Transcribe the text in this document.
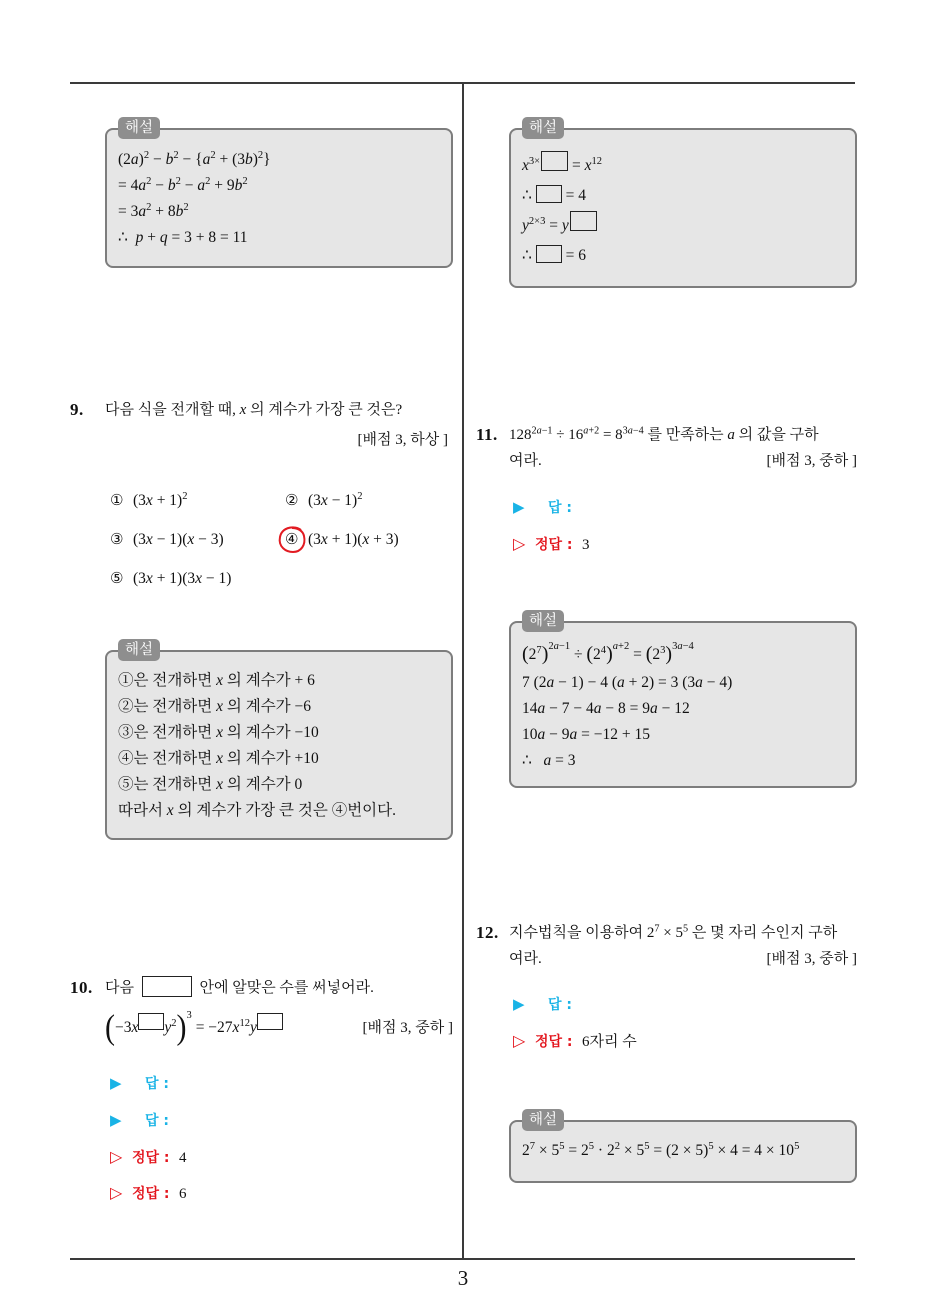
해설
$(2a)^2 - b^2 - \{a^2 + (3b)^2\}$
= $4a^2 - b^2 - a^2 + 9b^2$
= $3a^2 + 8b^2$
∴  p + q = 3 + 8 = 11
9. 다음 식을 전개할 때, x 의 계수가 가장 큰 것은?
[배점 3, 하상 ]
① $(3x + 1)^2$	② $(3x - 1)^2$
③ (3x − 1)(x − 3)	④ (3x + 1)(x + 3)
⑤ (3x + 1)(3x − 1)
해설
①은 전개하면 x 의 계수가 + 6
②는 전개하면 x 의 계수가 −6
③은 전개하면 x 의 계수가 −10
④는 전개하면 x 의 계수가 +10
⑤는 전개하면 x 의 계수가 0
따라서 x 의 계수가 가장 큰 것은 ④번이다.
10. 다음	안에 알맞은 수를 써넣어라.
(−3x $y^2)^3 = -27x^{12}y$	[배점 3, 중하 ]
▶ 답 :
▶ 답 :
▷ 정답 : 4
▷ 정답 : 6
해설
$x^{3\times} = x^{12}$
∴  = 4
$y^{2\times 3} = y$
∴  = 6
11. $128^{2a-1} \div 16^{a+2} = 8^{3a-4}$ 를 만족하는 a 의 값을 구하
여라.	[배점 3, 중하 ]
▶ 답 :
▷ 정답 : 3
해설
$(2^7)^{2a-1} \div (2^4)^{a+2} = (2^3)^{3a-4}$
7 (2a − 1) − 4 (a + 2) = 3 (3a − 4)
14a − 7 − 4a − 8 = 9a − 12
10a − 9a = −12 + 15
∴   a = 3
12. 지수법칙을 이용하여 $2^7 \times 5^5$ 은 몇 자리 수인지 구하
여라.	[배점 3, 중하 ]
▶ 답 :
▷ 정답 : 6자리 수
해설
$2^7 \times 5^5 = 2^5 \cdot 2^2 \times 5^5 = (2 \times 5)^5 \times 4 = 4 \times 10^5$
3
